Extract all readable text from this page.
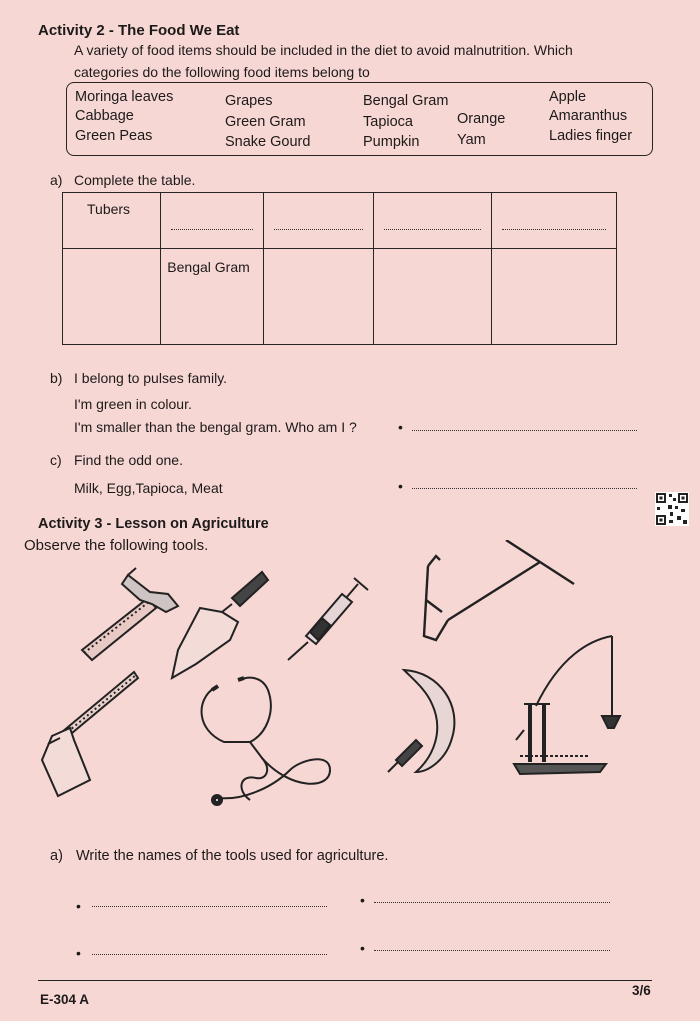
Activity 2 - The Food We Eat
A variety of food items should be included in the diet to avoid malnutrition. Which
categories do the following food items belong to
Moringa leaves
Cabbage
Green Peas
Grapes
Green Gram
Snake Gourd
Bengal Gram
Tapioca
Pumpkin
Orange
Yam
Apple
Amaranthus
Ladies finger
a) Complete the table.
Tubers				

	Bengal Gram			

b) I belong to pulses family.
I'm green in colour.
I'm smaller than the bengal gram. Who am I ?	•
c) Find the odd one.
Milk, Egg,Tapioca, Meat	•
Activity 3 - Lesson on Agriculture
Observe the following tools.
a) Write the names of the tools used for agriculture.
•	•
•	•
E-304 A
3/6
